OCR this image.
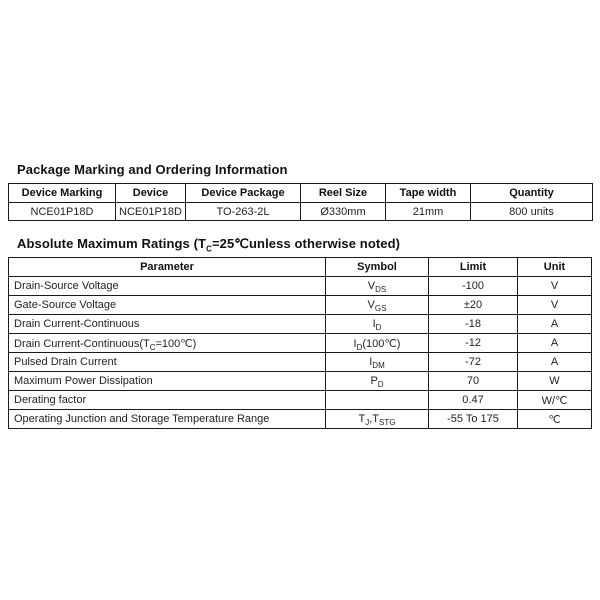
Package Marking and Ordering Information
Device Marking	Device	Device Package	Reel Size	Tape width	Quantity
NCE01P18D	NCE01P18D	TO-263-2L	Ø330mm	21mm	800 units
Absolute Maximum Ratings ($T_C=25℃unless$ otherwise noted)
Parameter	Symbol	Limit	Unit
Drain-Source Voltage	$V_{DS}$	-100	V
Gate-Source Voltage	$V_{GS}$	±20	V
Drain Current-Continuous	$I_D$	-18	A
Drain Current-$Continuous(T_C=100℃)$	$I_D(100℃)$	-12	A
Pulsed Drain Current	$I_{DM}$	-72	A
Maximum Power Dissipation	$P_D$	70	W
Derating factor		0.47	W/℃
Operating Junction and Storage Temperature Range	$T_J,T_{STG}$	-55 To 175	℃
